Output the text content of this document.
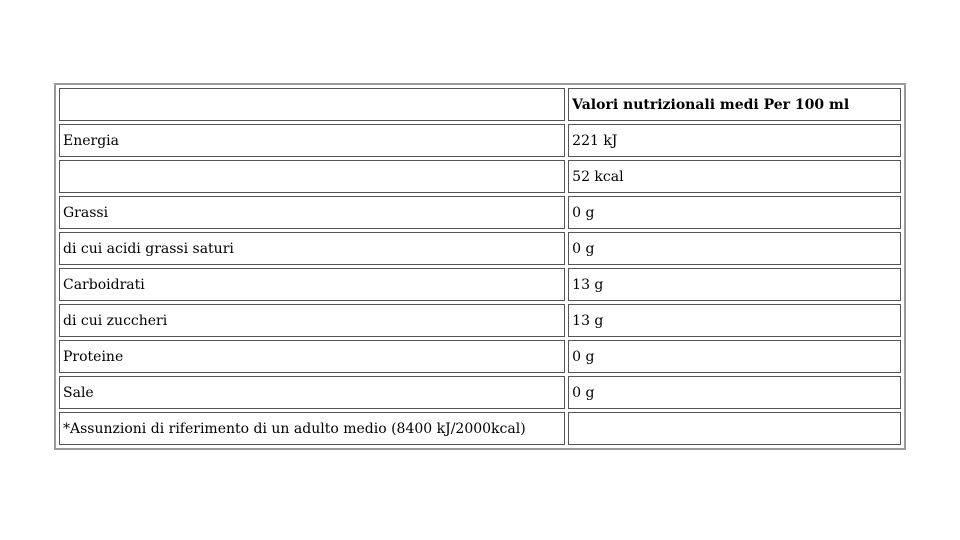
	Valori nutrizionali medi Per 100 ml
Energia	221 kJ
	52 kcal
Grassi	0 g
di cui acidi grassi saturi	0 g
Carboidrati	13 g
di cui zuccheri	13 g
Proteine	0 g
Sale	0 g
*Assunzioni di riferimento di un adulto medio (8400 kJ/2000kcal)	
